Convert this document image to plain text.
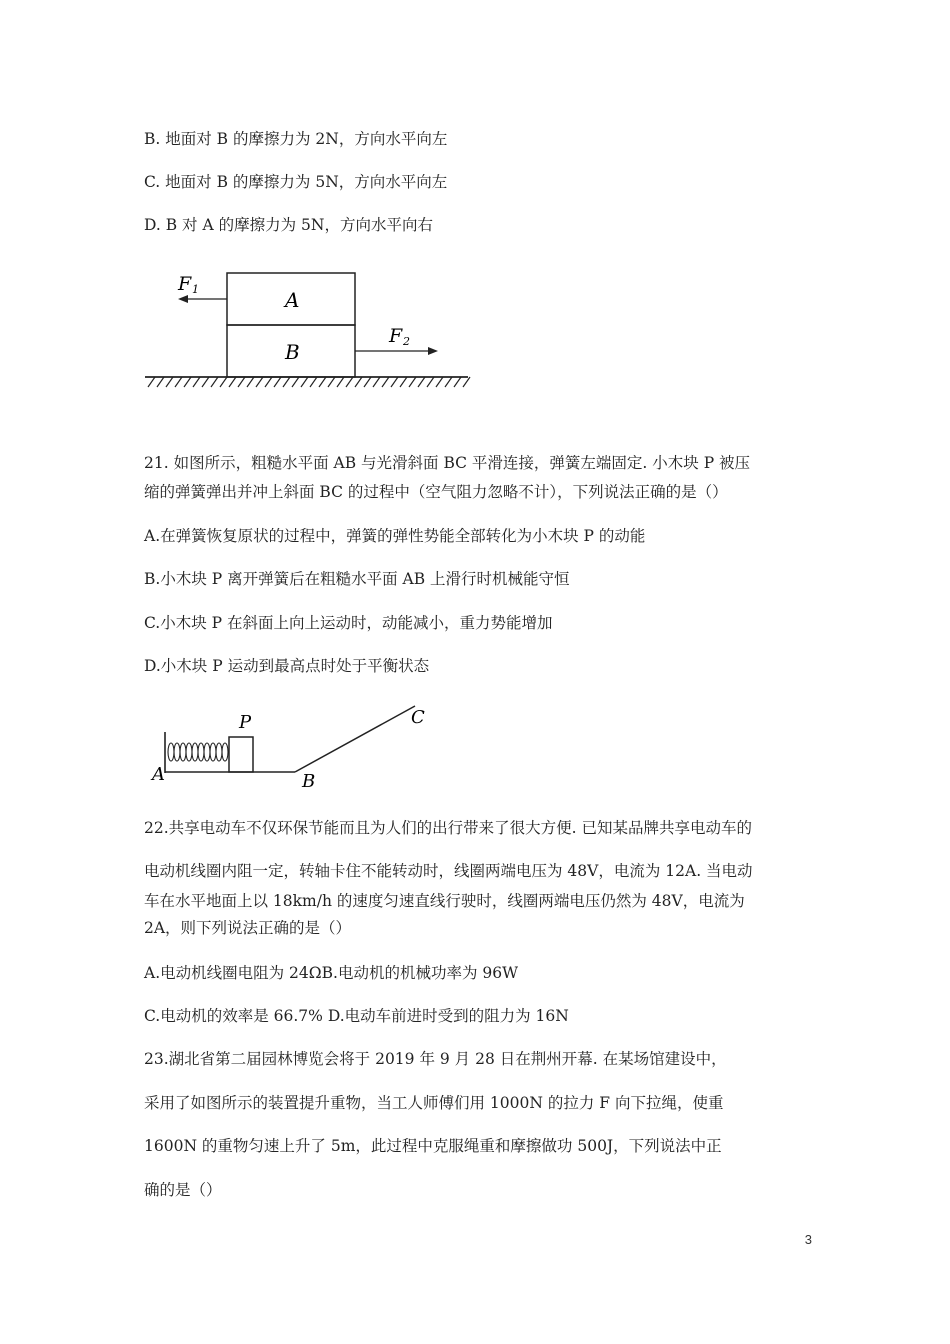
B. 地面对 B 的摩擦力为 2N，方向水平向左
C. 地面对 B 的摩擦力为 5N，方向水平向左
D. B 对 A 的摩擦力为 5N，方向水平向右
A
B
F 1
F 2
21. 如图所示，粗糙水平面 AB 与光滑斜面 BC 平滑连接，弹簧左端固定. 小木块 P 被压
缩的弹簧弹出并冲上斜面 BC 的过程中（空气阻力忽略不计），下列说法正确的是（）
A.在弹簧恢复原状的过程中，弹簧的弹性势能全部转化为小木块 P 的动能
B.小木块 P 离开弹簧后在粗糙水平面 AB 上滑行时机械能守恒
C.小木块 P 在斜面上向上运动时，动能减小，重力势能增加
D.小木块 P 运动到最高点时处于平衡状态
A	B
C
P
22.共享电动车不仅环保节能而且为人们的出行带来了很大方便. 已知某品牌共享电动车的
电动机线圈内阻一定，转轴卡住不能转动时，线圈两端电压为 48V，电流为 12A. 当电动
车在水平地面上以 18km/h 的速度匀速直线行驶时，线圈两端电压仍然为 48V，电流为
2A，则下列说法正确的是（）
A.电动机线圈电阻为 24ΩB.电动机的机械功率为 96W
C.电动机的效率是 66.7% D.电动车前进时受到的阻力为 16N
23.湖北省第二届园林博览会将于 2019 年 9 月 28 日在荆州开幕. 在某场馆建设中，
采用了如图所示的装置提升重物，当工人师傅们用 1000N 的拉力 F 向下拉绳，使重
1600N 的重物匀速上升了 5m，此过程中克服绳重和摩擦做功 500J，下列说法中正
确的是（）
3
